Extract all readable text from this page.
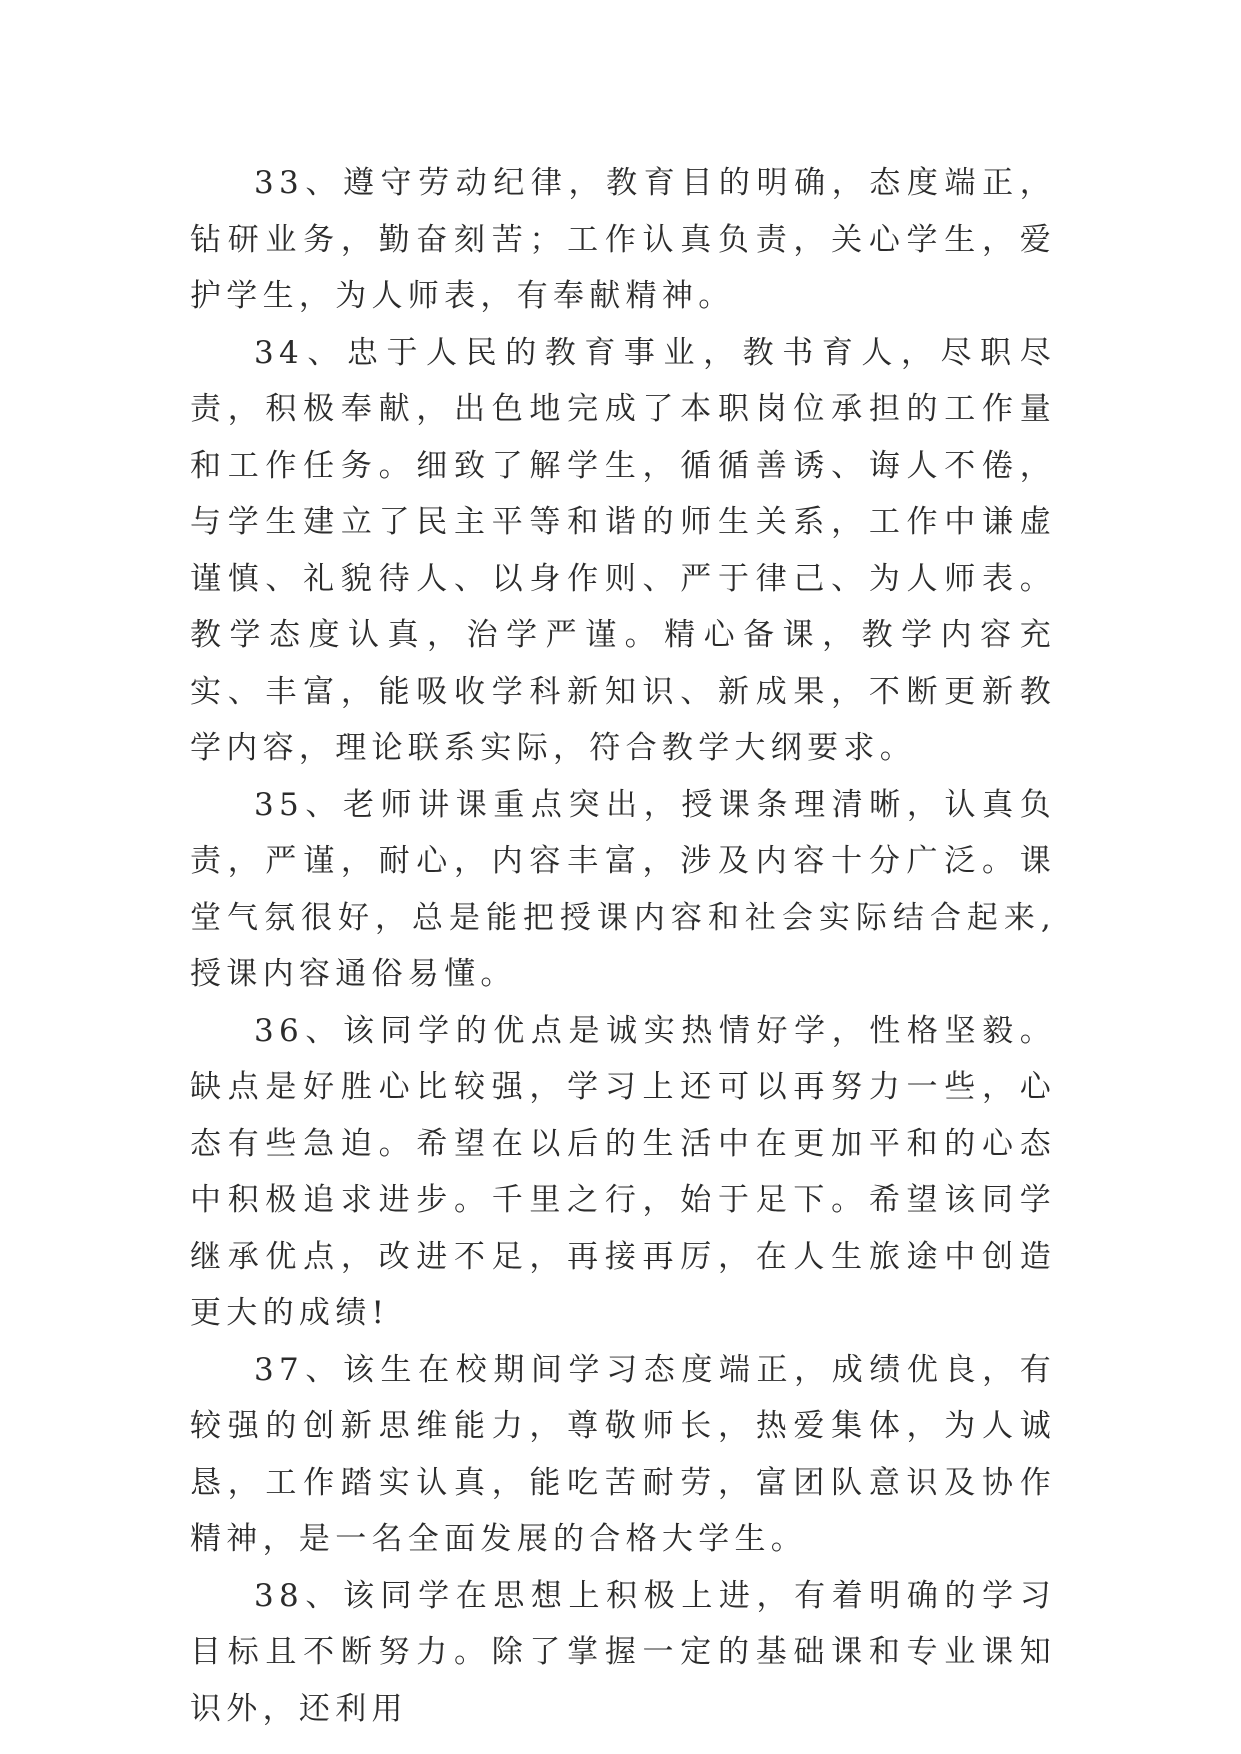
33、遵守劳动纪律，教育目的明确，态度端正，钻研业务，勤奋刻苦；工作认真负责，关心学生，爱护学生，为人师表，有奉献精神。

34、忠于人民的教育事业，教书育人，尽职尽责，积极奉献，出色地完成了本职岗位承担的工作量和工作任务。细致了解学生，循循善诱、诲人不倦，与学生建立了民主平等和谐的师生关系，工作中谦虚谨慎、礼貌待人、以身作则、严于律己、为人师表。教学态度认真，治学严谨。精心备课，教学内容充实、丰富，能吸收学科新知识、新成果，不断更新教学内容，理论联系实际，符合教学大纲要求。

35、老师讲课重点突出，授课条理清晰，认真负责，严谨，耐心，内容丰富，涉及内容十分广泛。课堂气氛很好，总是能把授课内容和社会实际结合起来,授课内容通俗易懂。

36、该同学的优点是诚实热情好学，性格坚毅。缺点是好胜心比较强，学习上还可以再努力一些，心态有些急迫。希望在以后的生活中在更加平和的心态中积极追求进步。千里之行，始于足下。希望该同学继承优点，改进不足，再接再厉，在人生旅途中创造更大的成绩!

37、该生在校期间学习态度端正，成绩优良，有较强的创新思维能力，尊敬师长，热爱集体，为人诚恳，工作踏实认真，能吃苦耐劳，富团队意识及协作精神，是一名全面发展的合格大学生。

38、该同学在思想上积极上进，有着明确的学习目标且不断努力。除了掌握一定的基础课和专业课知识外，还利用
